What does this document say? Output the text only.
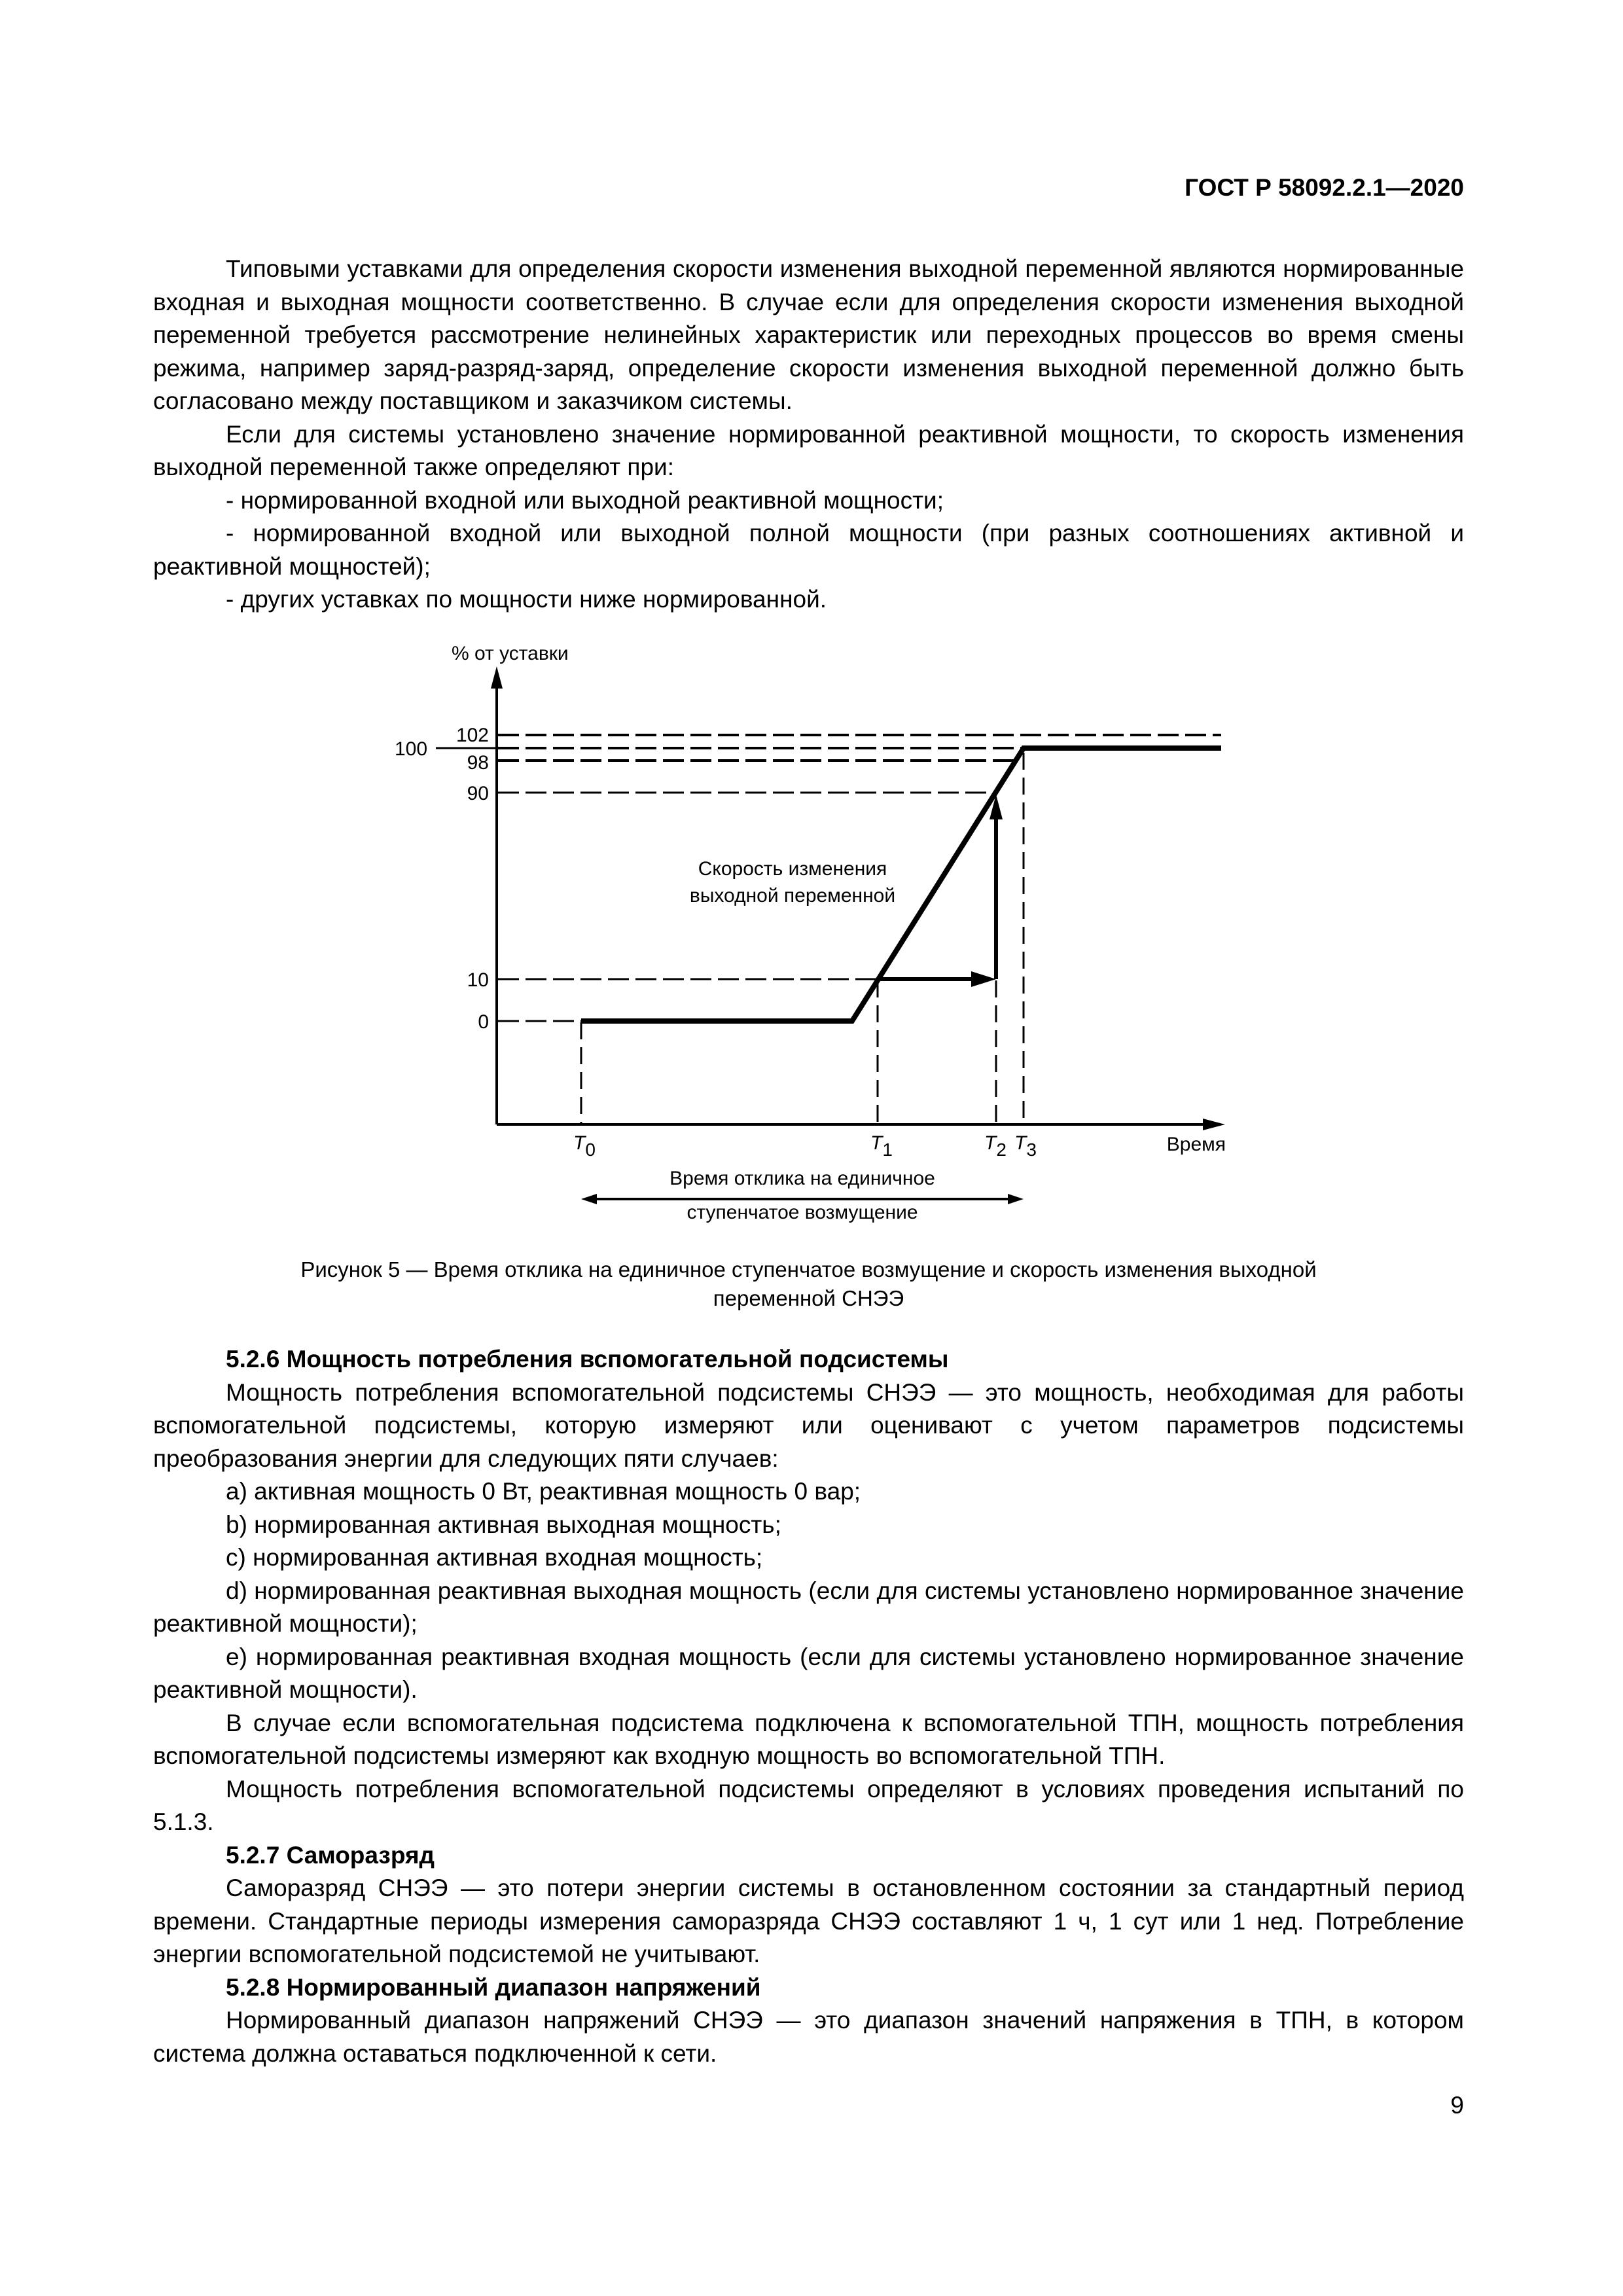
ГОСТ Р 58092.2.1—2020

Типовыми уставками для определения скорости изменения выходной переменной являются нормированные входная и выходная мощности соответственно. В случае если для определения скорости изменения выходной переменной требуется рассмотрение нелинейных характеристик или переходных процессов во время смены режима, например заряд-разряд-заряд, определение скорости изменения выходной переменной должно быть согласовано между поставщиком и заказчиком системы.

Если для системы установлено значение нормированной реактивной мощности, то скорость изменения выходной переменной также определяют при:

- нормированной входной или выходной реактивной мощности;

- нормированной входной или выходной полной мощности (при разных соотношениях активной и реактивной мощностей);

- других уставках по мощности ниже нормированной.

% от уставки
102
100
98
90
10
0
Скорость изменения
выходной переменной
T0	T1	T2 T3	Время
Время отклика на единичное
ступенчатое возмущение
Рисунок 5 — Время отклика на единичное ступенчатое возмущение и скорость изменения выходной
переменной СНЭЭ

5.2.6 Мощность потребления вспомогательной подсистемы

Мощность потребления вспомогательной подсистемы СНЭЭ — это мощность, необходимая для работы вспомогательной подсистемы, которую измеряют или оценивают с учетом параметров подсистемы преобразования энергии для следующих пяти случаев:

a) активная мощность 0 Вт, реактивная мощность 0 вар;

b) нормированная активная выходная мощность;

c) нормированная активная входная мощность;

d) нормированная реактивная выходная мощность (если для системы установлено нормированное значение реактивной мощности);

e) нормированная реактивная входная мощность (если для системы установлено нормированное значение реактивной мощности).

В случае если вспомогательная подсистема подключена к вспомогательной ТПН, мощность потребления вспомогательной подсистемы измеряют как входную мощность во вспомогательной ТПН.

Мощность потребления вспомогательной подсистемы определяют в условиях проведения испытаний по 5.1.3.

5.2.7 Саморазряд

Саморазряд СНЭЭ — это потери энергии системы в остановленном состоянии за стандартный период времени. Стандартные периоды измерения саморазряда СНЭЭ составляют 1 ч, 1 сут или 1 нед. Потребление энергии вспомогательной подсистемой не учитывают.

5.2.8 Нормированный диапазон напряжений

Нормированный диапазон напряжений СНЭЭ — это диапазон значений напряжения в ТПН, в котором система должна оставаться подключенной к сети.

9
